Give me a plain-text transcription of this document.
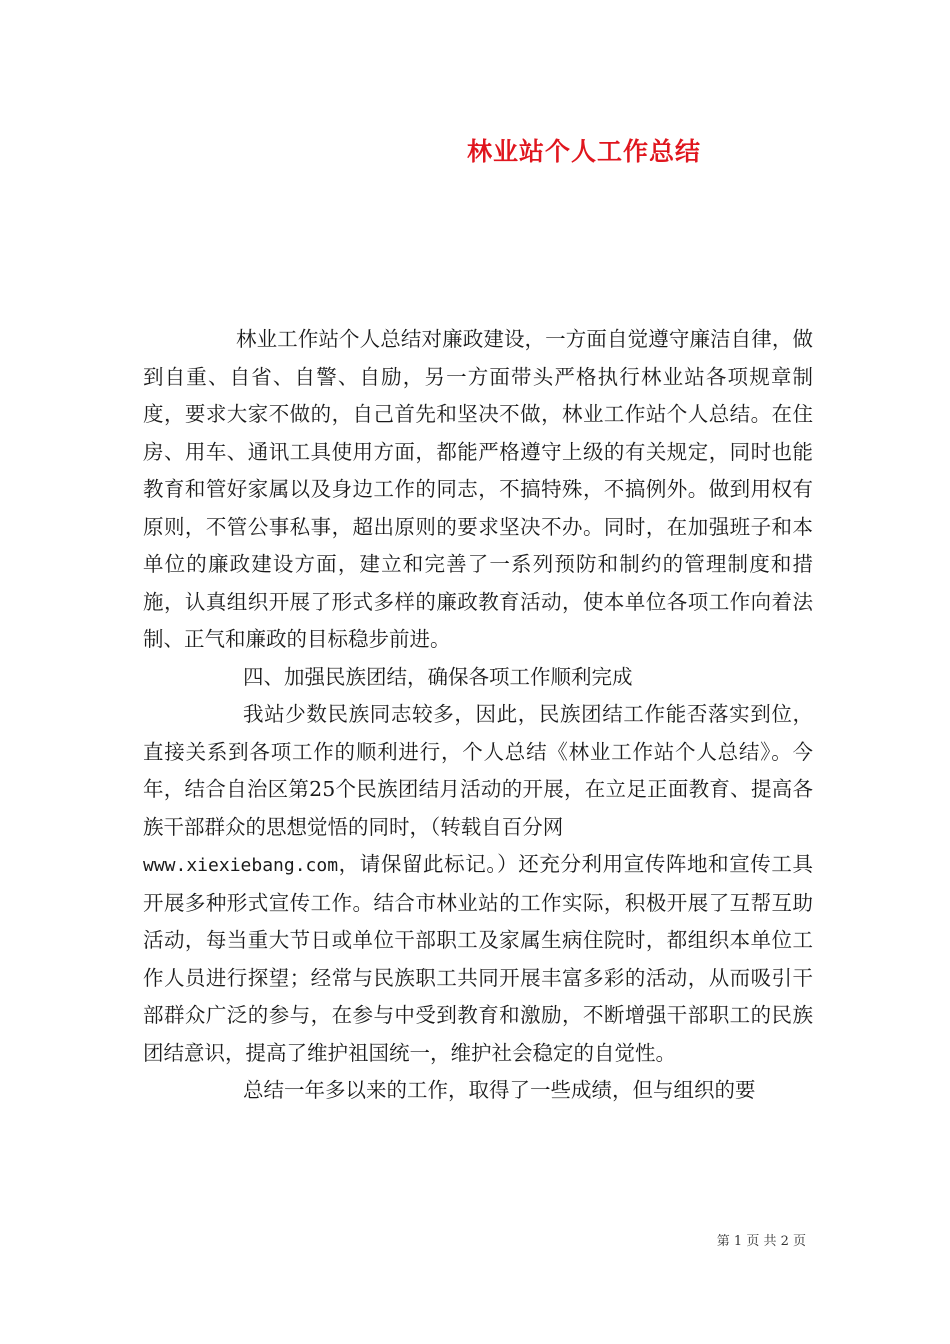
林业站个人工作总结

林业工作站个人总结对廉政建设，一方面自觉遵守廉洁自律，做到自重、自省、自警、自励，另一方面带头严格执行林业站各项规章制度，要求大家不做的，自己首先和坚决不做，林业工作站个人总结。在住房、用车、通讯工具使用方面，都能严格遵守上级的有关规定，同时也能教育和管好家属以及身边工作的同志，不搞特殊，不搞例外。做到用权有原则，不管公事私事，超出原则的要求坚决不办。同时，在加强班子和本单位的廉政建设方面，建立和完善了一系列预防和制约的管理制度和措施，认真组织开展了形式多样的廉政教育活动，使本单位各项工作向着法制、正气和廉政的目标稳步前进。

四、加强民族团结，确保各项工作顺利完成

我站少数民族同志较多，因此，民族团结工作能否落实到位，直接关系到各项工作的顺利进行，个人总结《林业工作站个人总结》。今年，结合自治区第25个民族团结月活动的开展，在立足正面教育、提高各族干部群众的思想觉悟的同时，（转载自百分网
www.xiexiebang.com，请保留此标记。）还充分利用宣传阵地和宣传工具开展多种形式宣传工作。结合市林业站的工作实际，积极开展了互帮互助活动，每当重大节日或单位干部职工及家属生病住院时，都组织本单位工作人员进行探望；经常与民族职工共同开展丰富多彩的活动，从而吸引干部群众广泛的参与，在参与中受到教育和激励，不断增强干部职工的民族团结意识，提高了维护祖国统一，维护社会稳定的自觉性。

总结一年多以来的工作，取得了一些成绩，但与组织的要

第 1 页 共 2 页
